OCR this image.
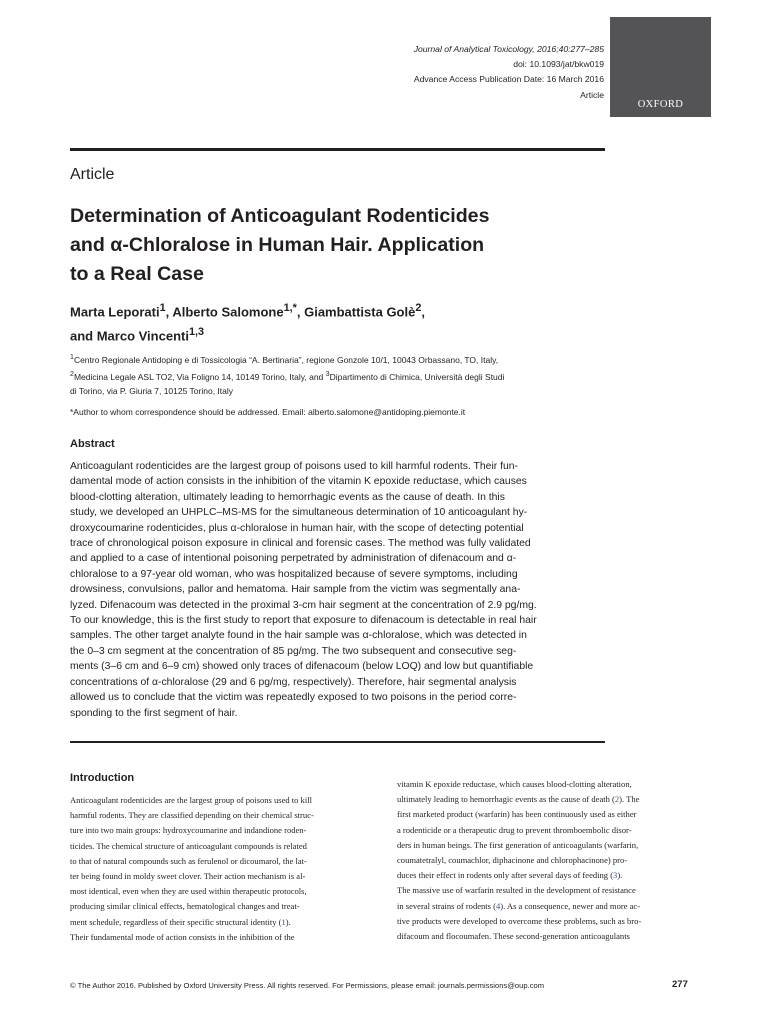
Journal of Analytical Toxicology, 2016;40:277–285
doi: 10.1093/jat/bkw019
Advance Access Publication Date: 16 March 2016
Article
OXFORD
Article
Determination of Anticoagulant Rodenticides
and α-Chloralose in Human Hair. Application
to a Real Case
Marta Leporati$^1$, Alberto Salomone$^{1,*}$, Giambattista Golè$^2$,
and Marco Vincenti$^{1,3}$
$^1$Centro Regionale Antidoping e di Tossicologia “A. Bertinaria”, regione Gonzole 10/1, 10043 Orbassano, TO, Italy,
$^2$Medicina Legale ASL TO2, Via Foligno 14, 10149 Torino, Italy, and $^3$Dipartimento di Chimica, Università degli Studi
di Torino, via P. Giuria 7, 10125 Torino, Italy
*Author to whom correspondence should be addressed. Email: alberto.salomone@antidoping.piemonte.it
Abstract
Anticoagulant rodenticides are the largest group of poisons used to kill harmful rodents. Their fun-
damental mode of action consists in the inhibition of the vitamin K epoxide reductase, which causes
blood-clotting alteration, ultimately leading to hemorrhagic events as the cause of death. In this
study, we developed an UHPLC–MS-MS for the simultaneous determination of 10 anticoagulant hy-
droxycoumarine rodenticides, plus α-chloralose in human hair, with the scope of detecting potential
trace of chronological poison exposure in clinical and forensic cases. The method was fully validated
and applied to a case of intentional poisoning perpetrated by administration of difenacoum and α-
chloralose to a 97-year old woman, who was hospitalized because of severe symptoms, including
drowsiness, convulsions, pallor and hematoma. Hair sample from the victim was segmentally ana-
lyzed. Difenacoum was detected in the proximal 3-cm hair segment at the concentration of 2.9 pg/mg.
To our knowledge, this is the first study to report that exposure to difenacoum is detectable in real hair
samples. The other target analyte found in the hair sample was α-chloralose, which was detected in
the 0–3 cm segment at the concentration of 85 pg/mg. The two subsequent and consecutive seg-
ments (3–6 cm and 6–9 cm) showed only traces of difenacoum (below LOQ) and low but quantifiable
concentrations of α-chloralose (29 and 6 pg/mg, respectively). Therefore, hair segmental analysis
allowed us to conclude that the victim was repeatedly exposed to two poisons in the period corre-
sponding to the first segment of hair.
Introduction
Anticoagulant rodenticides are the largest group of poisons used to kill
harmful rodents. They are classified depending on their chemical struc-
ture into two main groups: hydroxycoumarine and indandione roden-
ticides. The chemical structure of anticoagulant compounds is related
to that of natural compounds such as ferulenol or dicoumarol, the lat-
ter being found in moldy sweet clover. Their action mechanism is al-
most identical, even when they are used within therapeutic protocols,
producing similar clinical effects, hematological changes and treat-
ment schedule, regardless of their specific structural identity (1).
Their fundamental mode of action consists in the inhibition of the
vitamin K epoxide reductase, which causes blood-clotting alteration,
ultimately leading to hemorrhagic events as the cause of death (2). The
first marketed product (warfarin) has been continuously used as either
a rodenticide or a therapeutic drug to prevent thromboembolic disor-
ders in human beings. The first generation of anticoagulants (warfarin,
coumatetralyl, coumachlor, diphacinone and chlorophacinone) pro-
duces their effect in rodents only after several days of feeding (3).
The massive use of warfarin resulted in the development of resistance
in several strains of rodents (4). As a consequence, newer and more ac-
tive products were developed to overcome these problems, such as bro-
difacoum and flocoumafen. These second-generation anticoagulants
© The Author 2016. Published by Oxford University Press. All rights reserved. For Permissions, please email: journals.permissions@oup.com	277
